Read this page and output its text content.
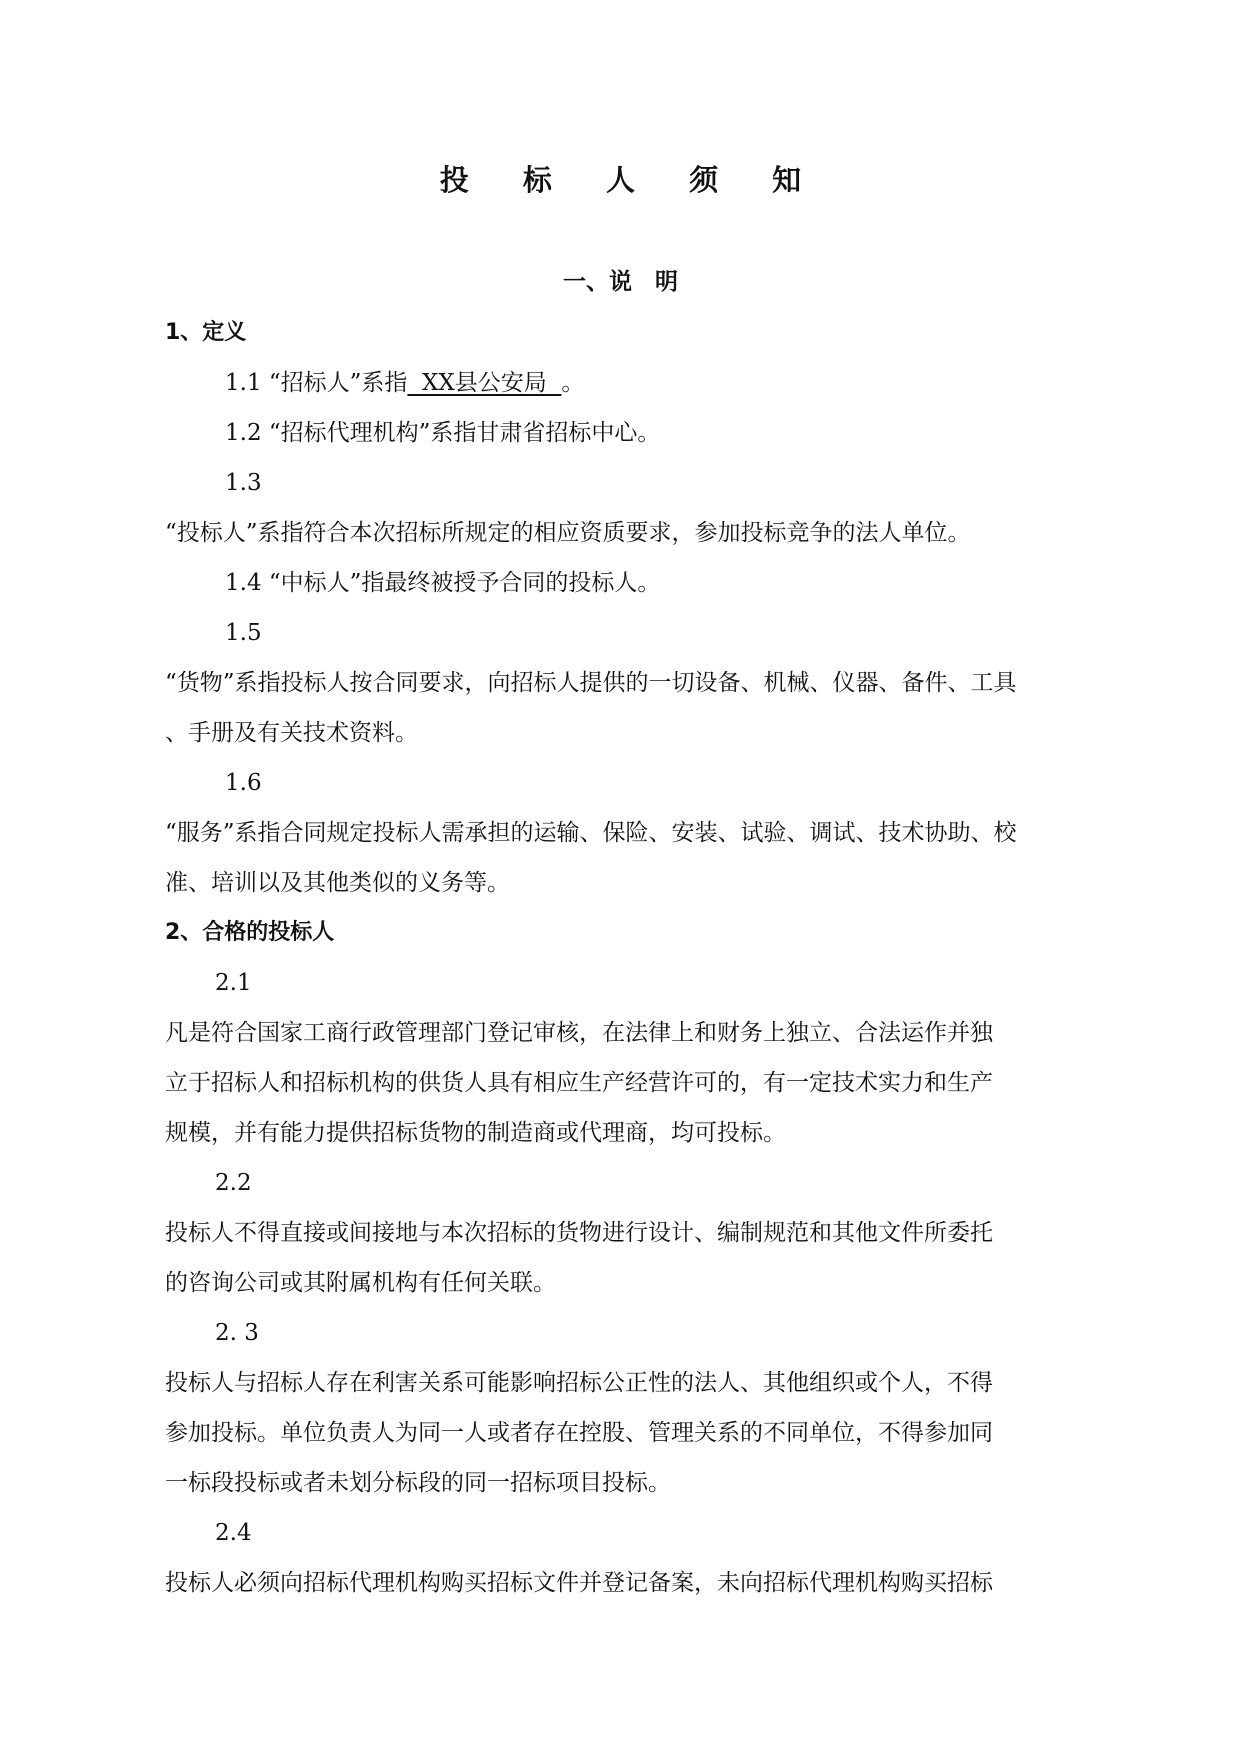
投 标 人 须 知
一、说　明
1、定义
1.1 “招标人”系指  XX县公安局  。
1.2 “招标代理机构”系指甘肃省招标中心。
1.3
“投标人”系指符合本次招标所规定的相应资质要求，参加投标竞争的法人单位。
1.4 “中标人”指最终被授予合同的投标人。
1.5
“货物”系指投标人按合同要求，向招标人提供的一切设备、机械、仪器、备件、工具
、手册及有关技术资料。
1.6
“服务”系指合同规定投标人需承担的运输、保险、安装、试验、调试、技术协助、校
准、培训以及其他类似的义务等。
2、合格的投标人
2.1
凡是符合国家工商行政管理部门登记审核，在法律上和财务上独立、合法运作并独
立于招标人和招标机构的供货人具有相应生产经营许可的，有一定技术实力和生产
规模，并有能力提供招标货物的制造商或代理商，均可投标。
2.2
投标人不得直接或间接地与本次招标的货物进行设计、编制规范和其他文件所委托
的咨询公司或其附属机构有任何关联。
2. 3
投标人与招标人存在利害关系可能影响招标公正性的法人、其他组织或个人，不得
参加投标。单位负责人为同一人或者存在控股、管理关系的不同单位，不得参加同
一标段投标或者未划分标段的同一招标项目投标。
2.4
投标人必须向招标代理机构购买招标文件并登记备案，未向招标代理机构购买招标
